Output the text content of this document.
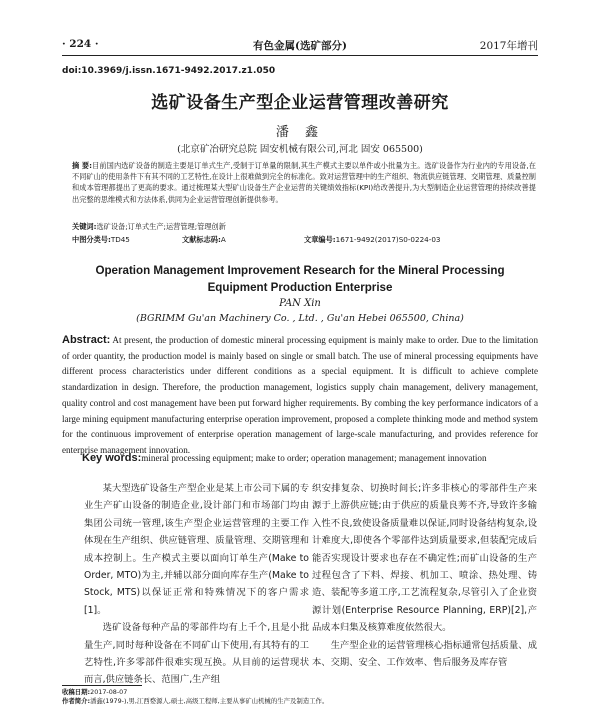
· 224 ·	有色金属(选矿部分)	2017年增刊
doi:10.3969/j.issn.1671-9492.2017.z1.050
选矿设备生产型企业运营管理改善研究
潘 鑫
(北京矿冶研究总院 固安机械有限公司,河北 固安 065500)
摘 要:目前国内选矿设备的制造主要是订单式生产,受制于订单量的限制,其生产模式主要以单件或小批量为主。选矿设备作为行业内的专用设备,在不同矿山的使用条件下有其不同的工艺特性,在设计上很难做到完全的标准化。致对运营管理中的生产组织、物流供应链管理、交期管理、质量控制和成本管理都提出了更高的要求。通过梳理某大型矿山设备生产企业运营的关键绩效指标(KPI)给改善提升,为大型制造企业运营管理的持续改善提出完整的思维模式和方法体系,供同为企业运营管理创新提供参考。
关键词:选矿设备;订单式生产;运营管理;管理创新
中图分类号: TD45	文献标志码: A	文章编号: 1671-9492(2017)S0-0224-03
Operation Management Improvement Research for the Mineral Processing
Equipment Production Enterprise
PAN Xin
(BGRIMM Gu'an Machinery Co. , Ltd. , Gu'an Hebei 065500, China)
Abstract: At present, the production of domestic mineral processing equipment is mainly make to order. Due to the limitation of order quantity, the production model is mainly based on single or small batch. The use of mineral processing equipments have different process characteristics under different conditions as a special equipment. It is difficult to achieve complete standardization in design. Therefore, the production management, logistics supply chain management, delivery management, quality control and cost management have been put forward higher requirements. By combing the key performance indicators of a large mining equipment manufacturing enterprise operation improvement, proposed a complete thinking mode and method system for the continuous improvement of enterprise operation management of large-scale manufacturing, and provides reference for enterprise management innovation.
Key words:mineral processing equipment; make to order; operation management; management innovation

某大型选矿设备生产型企业是某上市公司下属的专业生产矿山设备的制造企业,设计部门和市场部门均由集团公司统一管理,该生产型企业运营管理的主要工作体现在生产组织、供应链管理、质量管理、交期管理和成本控制上。生产模式主要以面向订单生产(Make to Order, MTO)为主,并辅以部分面向库存生产(Make to Stock, MTS)以保证正常和特殊情况下的客户需求[1]。

选矿设备每种产品的零部件均有上千个,且是小批量生产,同时每种设备在不同矿山下使用,有其特有的工艺特性,许多零部件很难实现互换。从目前的运营现状而言,供应链条长、范围广,生产组

织安排复杂、切换时间长;许多非核心的零部件生产来源于上游供应链;由于供应的质量良莠不齐,导致许多输入性不良,致使设备质量难以保证,同时设备结构复杂,设计难度大,即使各个零部件达到质量要求,但装配完成后能否实现设计要求也存在不确定性;而矿山设备的生产过程包含了下料、焊接、机加工、喷涂、热处理、铸造、装配等多道工序,工艺流程复杂,尽管引入了企业资源计划(Enterprise Resource Planning, ERP)[2],产品成本归集及核算难度依然很大。

生产型企业的运营管理核心指标通常包括质量、成本、交期、安全、工作效率、售后服务及库存管

收稿日期:2017-08-07
作者简介:潘鑫(1979-),男,江西婺源人,硕士,高级工程师,主要从事矿山机械的生产及制造工作。
